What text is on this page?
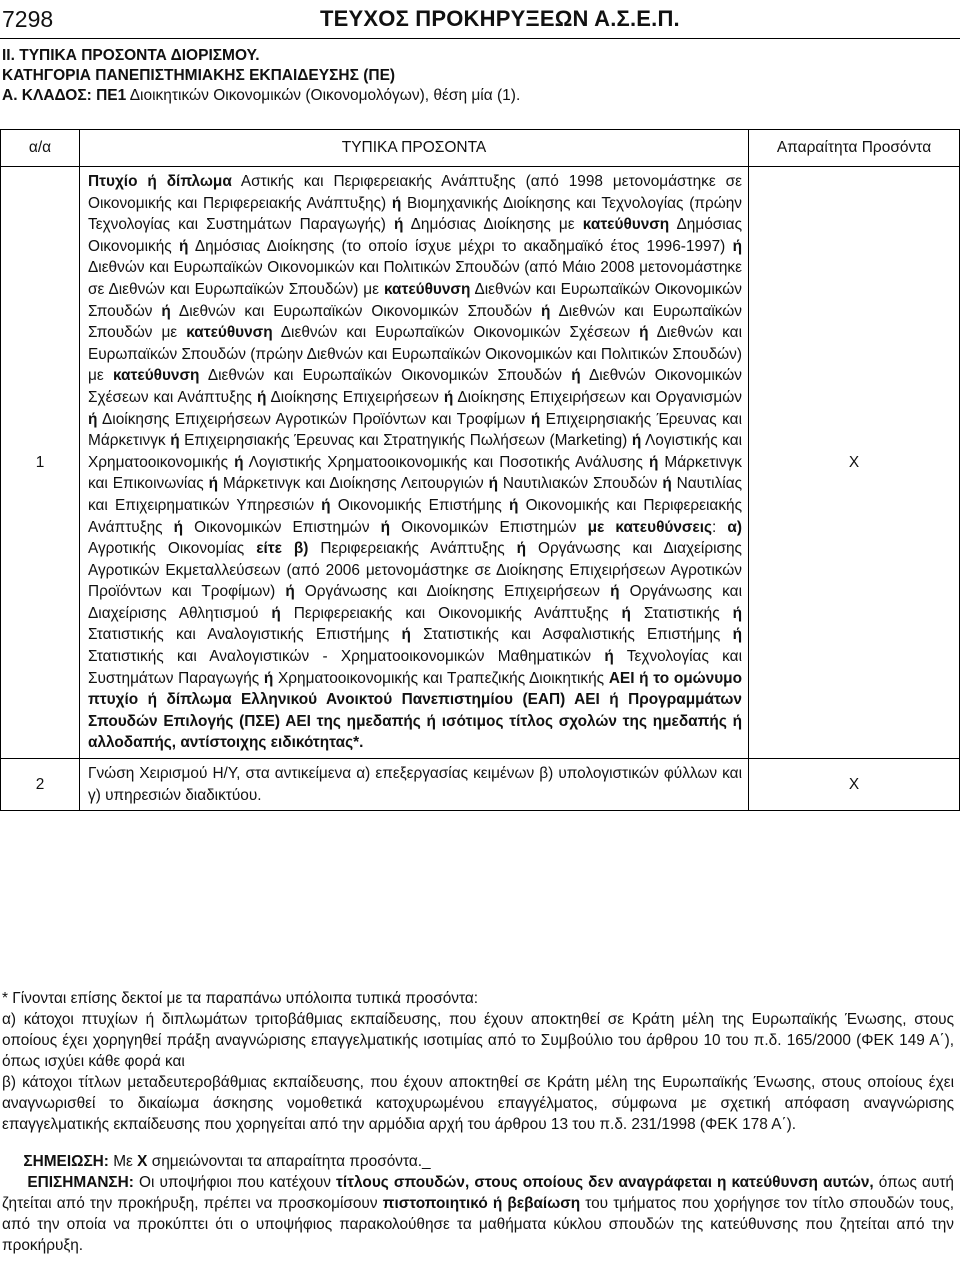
7298	ΤΕΥΧΟΣ ΠΡΟΚΗΡΥΞΕΩΝ Α.Σ.Ε.Π.
ΙΙ. ΤΥΠΙΚΑ ΠΡΟΣΟΝΤΑ ΔΙΟΡΙΣΜΟΥ.
ΚΑΤΗΓΟΡΙΑ ΠΑΝΕΠΙΣΤΗΜΙΑΚΗΣ ΕΚΠΑΙΔΕΥΣΗΣ (ΠΕ)
Α. ΚΛΑΔΟΣ: ΠΕ1 Διοικητικών Οικονομικών (Οικονομολόγων), θέση μία (1).
α/α	ΤΥΠΙΚΑ ΠΡΟΣΟΝΤΑ	Απαραίτητα Προσόντα
1	Πτυχίο ή δίπλωμα Αστικής και Περιφερειακής Ανάπτυξης (από 1998 μετονομάστηκε σε Οικονομικής και Περιφερειακής Ανάπτυξης) ή Βιομηχανικής Διοίκησης και Τεχνολογίας (πρώην Τεχνολογίας και Συστημάτων Παραγωγής) ή Δημόσιας Διοίκησης με κατεύθυνση Δημόσιας Οικονομικής ή Δημόσιας Διοίκησης (το οποίο ίσχυε μέχρι το ακαδημαϊκό έτος 1996-1997) ή Διεθνών και Ευρωπαϊκών Οικονομικών και Πολιτικών Σπουδών (από Μάιο 2008 μετονομάστηκε σε Διεθνών και Ευρωπαϊκών Σπουδών) με κατεύθυνση Διεθνών και Ευρωπαϊκών Οικονομικών Σπουδών ή Διεθνών και Ευρωπαϊκών Οικονομικών Σπουδών ή Διεθνών και Ευρωπαϊκών Σπουδών με κατεύθυνση Διεθνών και Ευρωπαϊκών Οικονομικών Σχέσεων ή Διεθνών και Ευρωπαϊκών Σπουδών (πρώην Διεθνών και Ευρωπαϊκών Οικονομικών και Πολιτικών Σπουδών) με κατεύθυνση Διεθνών και Ευρωπαϊκών Οικονομικών Σπουδών ή Διεθνών Οικονομικών Σχέσεων και Ανάπτυξης ή Διοίκησης Επιχειρήσεων ή Διοίκησης Επιχειρήσεων και Οργανισμών ή Διοίκησης Επιχειρήσεων Αγροτικών Προϊόντων και Τροφίμων ή Επιχειρησιακής Έρευνας και Μάρκετινγκ ή Επιχειρησιακής Έρευνας και Στρατηγικής Πωλήσεων (Marketing) ή Λογιστικής και Χρηματοοικονομικής ή Λογιστικής Χρηματοοικονομικής και Ποσοτικής Ανάλυσης ή Μάρκετινγκ και Επικοινωνίας ή Μάρκετινγκ και Διοίκησης Λειτουργιών ή Ναυτιλιακών Σπουδών ή Ναυτιλίας και Επιχειρηματικών Υπηρεσιών ή Οικονομικής Επιστήμης ή Οικονομικής και Περιφερειακής Ανάπτυξης ή Οικονομικών Επιστημών ή Οικονομικών Επιστημών με κατευθύνσεις: α) Αγροτικής Οικονομίας είτε β) Περιφερειακής Ανάπτυξης ή Οργάνωσης και Διαχείρισης Αγροτικών Εκμεταλλεύσεων (από 2006 μετονομάστηκε σε Διοίκησης Επιχειρήσεων Αγροτικών Προϊόντων και Τροφίμων) ή Οργάνωσης και Διοίκησης Επιχειρήσεων ή Οργάνωσης και Διαχείρισης Αθλητισμού ή Περιφερειακής και Οικονομικής Ανάπτυξης ή Στατιστικής ή Στατιστικής και Αναλογιστικής Επιστήμης ή Στατιστικής και Ασφαλιστικής Επιστήμης ή Στατιστικής και Αναλογιστικών - Χρηματοοικονομικών Μαθηματικών ή Τεχνολογίας και Συστημάτων Παραγωγής ή Χρηματοοικονομικής και Τραπεζικής Διοικητικής ΑΕΙ ή το ομώνυμο πτυχίο ή δίπλωμα Ελληνικού Ανοικτού Πανεπιστημίου (ΕΑΠ) ΑΕΙ ή Προγραμμάτων Σπουδών Επιλογής (ΠΣΕ) ΑΕΙ της ημεδαπής ή ισότιμος τίτλος σχολών της ημεδαπής ή αλλοδαπής, αντίστοιχης ειδικότητας*.	Χ
2	Γνώση Χειρισμού Η/Υ, στα αντικείμενα α) επεξεργασίας κειμένων β) υπολογιστικών φύλλων και γ) υπηρεσιών διαδικτύου.	Χ

* Γίνονται επίσης δεκτοί με τα παραπάνω υπόλοιπα τυπικά προσόντα:

α) κάτοχοι πτυχίων ή διπλωμάτων τριτοβάθμιας εκπαίδευσης, που έχουν αποκτηθεί σε Κράτη μέλη της Ευρωπαϊκής Ένωσης, στους οποίους έχει χορηγηθεί πράξη αναγνώρισης επαγγελματικής ισοτιμίας από το Συμβούλιο του άρθρου 10 του π.δ. 165/2000 (ΦΕΚ 149 Α΄), όπως ισχύει κάθε φορά και

β) κάτοχοι τίτλων μεταδευτεροβάθμιας εκπαίδευσης, που έχουν αποκτηθεί σε Κράτη μέλη της Ευρωπαϊκής Ένωσης, στους οποίους έχει αναγνωρισθεί το δικαίωμα άσκησης νομοθετικά κατοχυρωμένου επαγγέλματος, σύμφωνα με σχετική απόφαση αναγνώρισης επαγγελματικής εκπαίδευσης που χορηγείται από την αρμόδια αρχή του άρθρου 13 του π.δ. 231/1998 (ΦΕΚ 178 Α΄).

ΣΗΜΕΙΩΣΗ: Με Χ σημειώνονται τα απαραίτητα προσόντα._

ΕΠΙΣΗΜΑΝΣΗ: Οι υποψήφιοι που κατέχουν τίτλους σπουδών, στους οποίους δεν αναγράφεται η κατεύθυνση αυτών, όπως αυτή ζητείται από την προκήρυξη, πρέπει να προσκομίσουν πιστοποιητικό ή βεβαίωση του τμήματος που χορήγησε τον τίτλο σπουδών τους, από την οποία να προκύπτει ότι ο υποψήφιος παρακολούθησε τα μαθήματα κύκλου σπουδών της κατεύθυνσης που ζητείται από την προκήρυξη.
